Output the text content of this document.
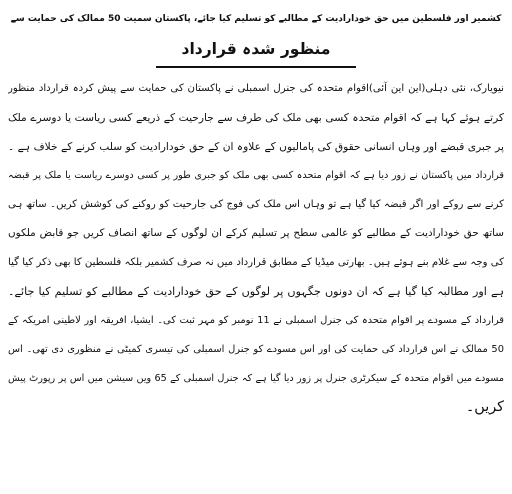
کشمیر اور فلسطین میں حق خودارادیت کے مطالبے کو تسلیم کیا جائے، پاکستان سمیت 50 ممالک کی حمایت سے
منظور شدہ قرارداد
نیویارک، نئی دہلی(این این آئی)اقوام متحدہ کی جنرل اسمبلی نے پاکستان کی حمایت سے پیش کردہ قرارداد منظور
کرتے ہوئے کہا ہے کہ اقوام متحدہ کسی بھی ملک کی طرف سے جارحیت کے ذریعے کسی ریاست یا دوسرے ملک
پر جبری قبضے اور وہاں انسانی حقوق کی پامالیوں کے علاوہ ان کے حق خودارادیت کو سلب کرنے کے خلاف ہے ۔
قرارداد میں پاکستان نے زور دیا ہے کہ اقوام متحدہ کسی بھی ملک کو جبری طور پر کسی دوسرے ریاست یا ملک پر قبضہ
کرنے سے روکے اور اگر قبضہ کیا گیا ہے تو وہاں اس ملک کی فوج کی جارحیت کو روکنے کی کوشش کریں۔ ساتھ ہی
ساتھ حق خودارادیت کے مطالبے کو عالمی سطح پر تسلیم کرکے ان لوگوں کے ساتھ انصاف کریں جو قابض ملکوں
کی وجہ سے غلام بنے ہوئے ہیں۔ بھارتی میڈیا کے مطابق قرارداد میں نہ صرف کشمیر بلکہ فلسطین کا بھی ذکر کیا گیا
ہے اور مطالبہ کیا گیا ہے کہ ان دونوں جگہوں پر لوگوں کے حق خودارادیت کے مطالبے کو تسلیم کیا جائے۔
قرارداد کے مسودے پر اقوام متحدہ کی جنرل اسمبلی نے 11 نومبر کو مہر ثبت کی۔ ایشیا، افریقہ اور لاطینی امریکہ کے
50 ممالک نے اس قرارداد کی حمایت کی اور اس مسودے کو جنرل اسمبلی کی تیسری کمیٹی نے منظوری دی تھی۔ اس
مسودے میں اقوام متحدہ کے سیکرٹری جنرل پر زور دیا گیا ہے کہ جنرل اسمبلی کے 65 ویں سیشن میں اس پر رپورٹ پیش
کریں۔
